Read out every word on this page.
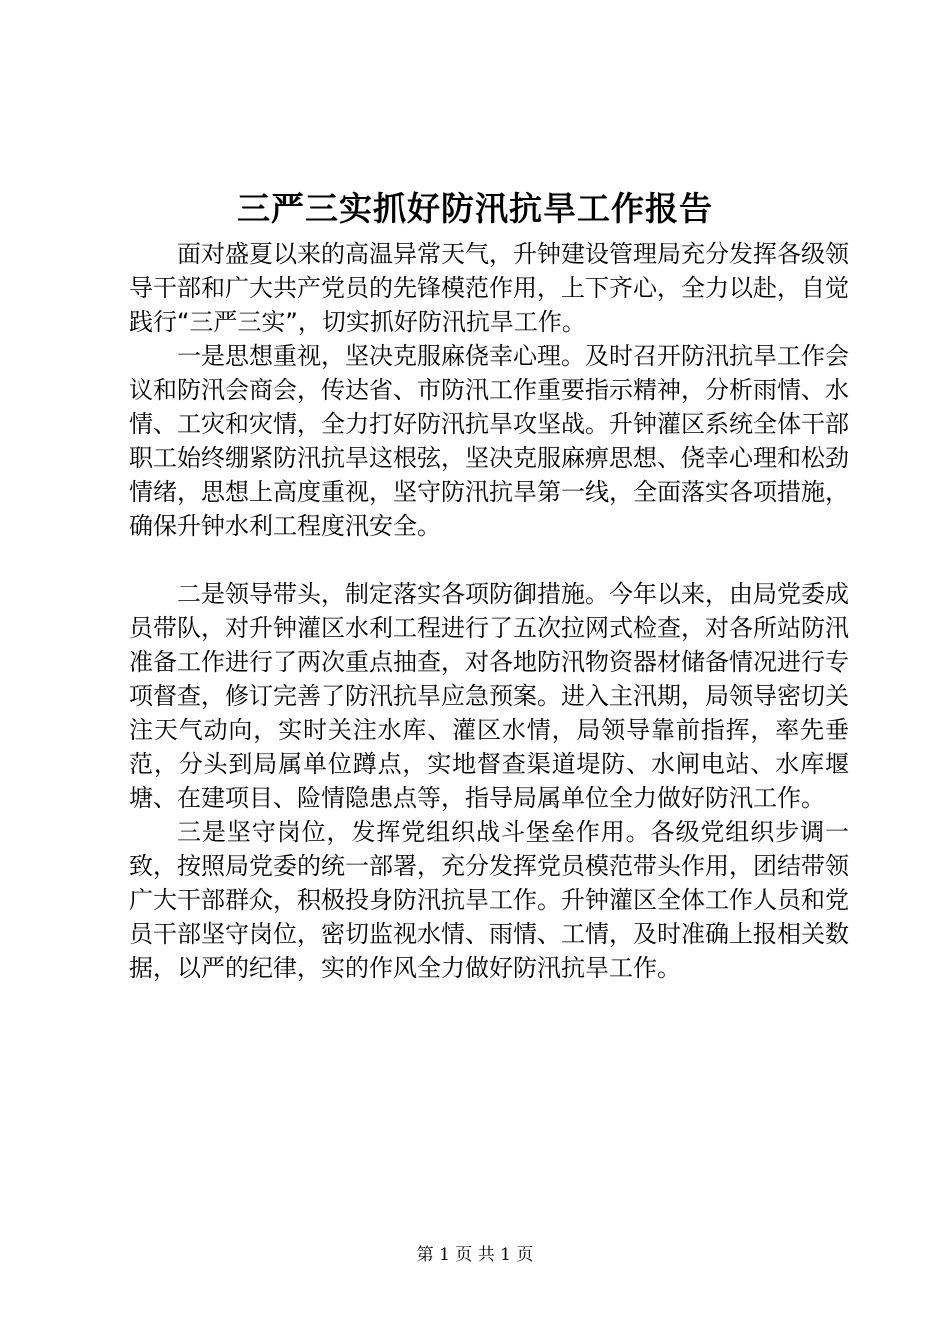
三严三实抓好防汛抗旱工作报告

面对盛夏以来的高温异常天气，升钟建设管理局充分发挥各级领导干部和广大共产党员的先锋模范作用，上下齐心，全力以赴，自觉践行“三严三实”，切实抓好防汛抗旱工作。

一是思想重视，坚决克服麻侥幸心理。及时召开防汛抗旱工作会议和防汛会商会，传达省、市防汛工作重要指示精神，分析雨情、水情、工灾和灾情，全力打好防汛抗旱攻坚战。升钟灌区系统全体干部职工始终绷紧防汛抗旱这根弦，坚决克服麻痹思想、侥幸心理和松劲情绪，思想上高度重视，坚守防汛抗旱第一线，全面落实各项措施，确保升钟水利工程度汛安全。

二是领导带头，制定落实各项防御措施。今年以来，由局党委成员带队，对升钟灌区水利工程进行了五次拉网式检查，对各所站防汛准备工作进行了两次重点抽查，对各地防汛物资器材储备情况进行专项督查，修订完善了防汛抗旱应急预案。进入主汛期，局领导密切关注天气动向，实时关注水库、灌区水情，局领导靠前指挥，率先垂范，分头到局属单位蹲点，实地督查渠道堤防、水闸电站、水库堰塘、在建项目、险情隐患点等，指导局属单位全力做好防汛工作。

三是坚守岗位，发挥党组织战斗堡垒作用。各级党组织步调一致，按照局党委的统一部署，充分发挥党员模范带头作用，团结带领广大干部群众，积极投身防汛抗旱工作。升钟灌区全体工作人员和党员干部坚守岗位，密切监视水情、雨情、工情，及时准确上报相关数据，以严的纪律，实的作风全力做好防汛抗旱工作。

第 1 页 共 1 页
